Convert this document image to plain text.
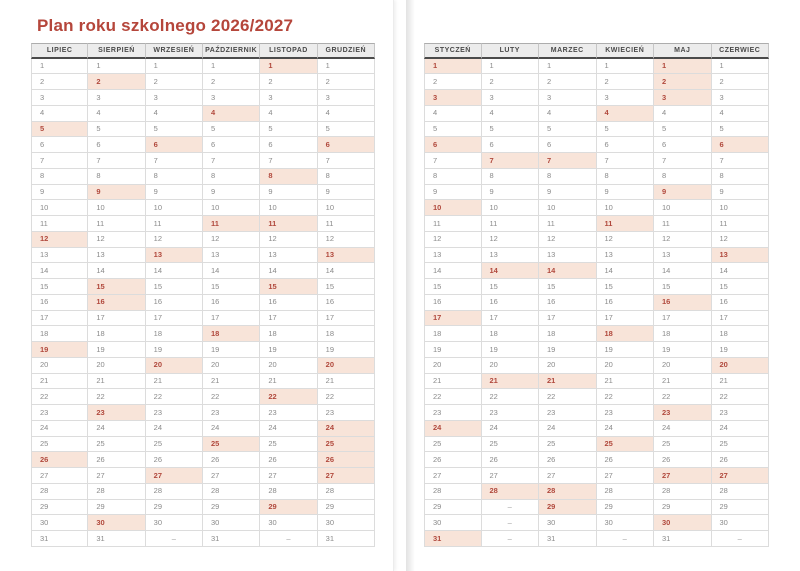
Plan roku szkolnego 2026/2027
LIPIEC	SIERPIEŃ	WRZESIEŃ	PAŹDZIERNIK	LISTOPAD	GRUDZIEŃ
1	1	1	1	1	1
2	2	2	2	2	2
3	3	3	3	3	3
4	4	4	4	4	4
5	5	5	5	5	5
6	6	6	6	6	6
7	7	7	7	7	7
8	8	8	8	8	8
9	9	9	9	9	9
10	10	10	10	10	10
11	11	11	11	11	11
12	12	12	12	12	12
13	13	13	13	13	13
14	14	14	14	14	14
15	15	15	15	15	15
16	16	16	16	16	16
17	17	17	17	17	17
18	18	18	18	18	18
19	19	19	19	19	19
20	20	20	20	20	20
21	21	21	21	21	21
22	22	22	22	22	22
23	23	23	23	23	23
24	24	24	24	24	24
25	25	25	25	25	25
26	26	26	26	26	26
27	27	27	27	27	27
28	28	28	28	28	28
29	29	29	29	29	29
30	30	30	30	30	30
31	31	–	31	–	31
STYCZEŃ	LUTY	MARZEC	KWIECIEŃ	MAJ	CZERWIEC
1	1	1	1	1	1
2	2	2	2	2	2
3	3	3	3	3	3
4	4	4	4	4	4
5	5	5	5	5	5
6	6	6	6	6	6
7	7	7	7	7	7
8	8	8	8	8	8
9	9	9	9	9	9
10	10	10	10	10	10
11	11	11	11	11	11
12	12	12	12	12	12
13	13	13	13	13	13
14	14	14	14	14	14
15	15	15	15	15	15
16	16	16	16	16	16
17	17	17	17	17	17
18	18	18	18	18	18
19	19	19	19	19	19
20	20	20	20	20	20
21	21	21	21	21	21
22	22	22	22	22	22
23	23	23	23	23	23
24	24	24	24	24	24
25	25	25	25	25	25
26	26	26	26	26	26
27	27	27	27	27	27
28	28	28	28	28	28
29	–	29	29	29	29
30	–	30	30	30	30
31	–	31	–	31	–
